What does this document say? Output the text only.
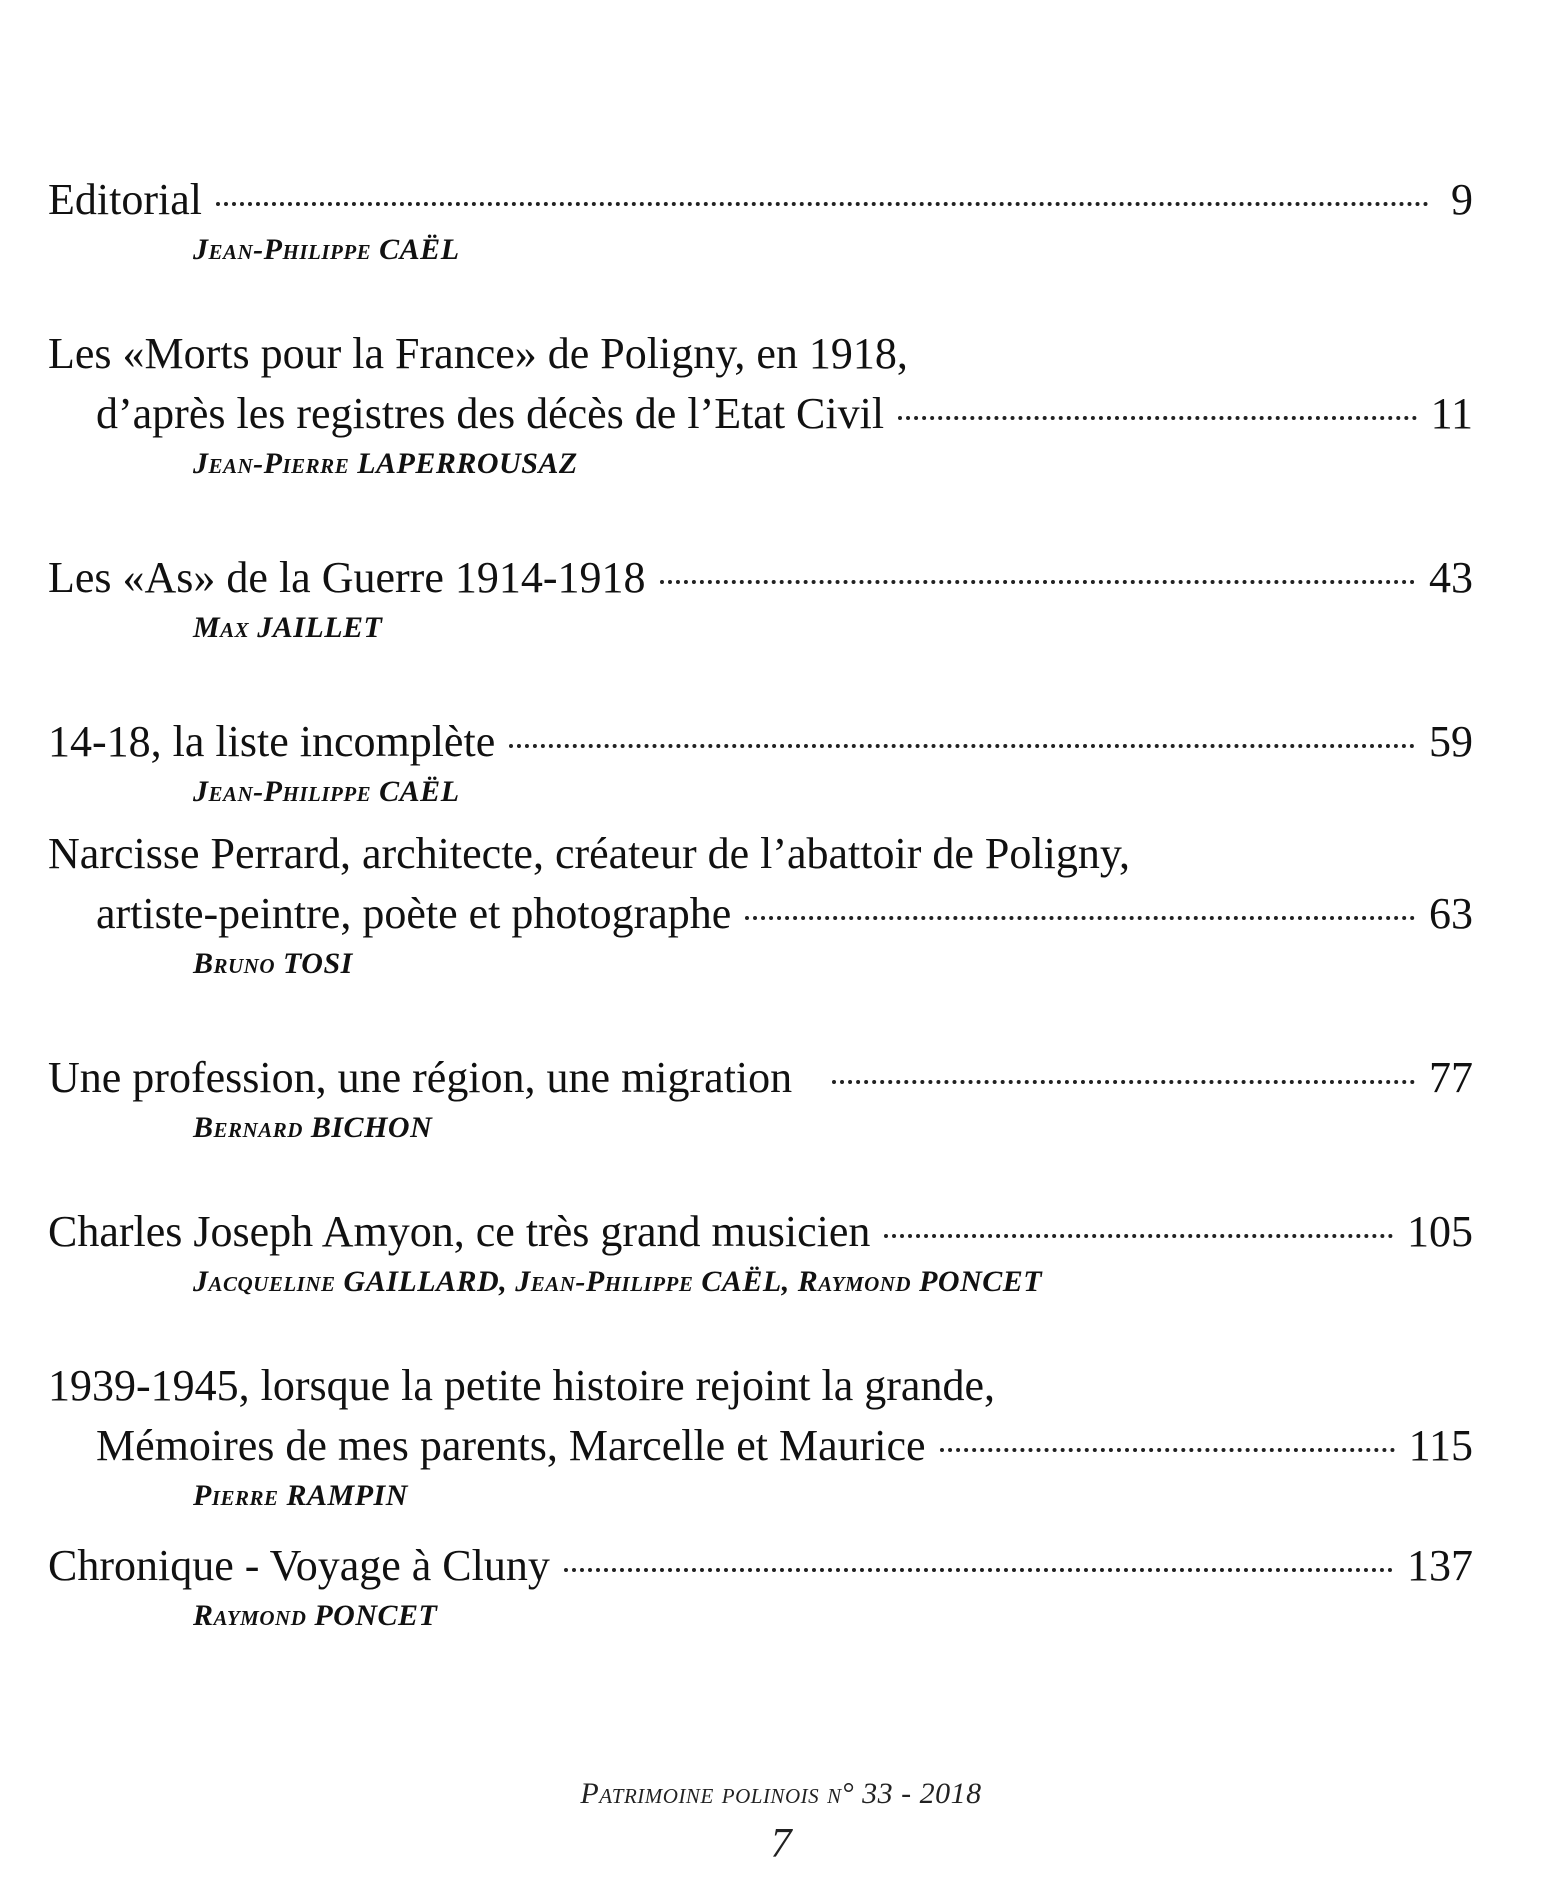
Editorial	9
Jean-Philippe CAËL
Les «Morts pour la France» de Poligny, en 1918,
d’après les registres des décès de l’Etat Civil	11
Jean-Pierre LAPERROUSAZ
Les «As» de la Guerre 1914-1918	43
Max JAILLET
14-18, la liste incomplète	59
Jean-Philippe CAËL
Narcisse Perrard, architecte, créateur de l’abattoir de Poligny,
artiste-peintre, poète et photographe	63
Bruno TOSI
Une profession, une région, une migration	77
Bernard BICHON
Charles Joseph Amyon, ce très grand musicien	105
Jacqueline GAILLARD, Jean-Philippe CAËL, Raymond PONCET
1939-1945, lorsque la petite histoire rejoint la grande,
Mémoires de mes parents, Marcelle et Maurice	115
Pierre RAMPIN
Chronique - Voyage à Cluny	137
Raymond PONCET
Patrimoine polinois n° 33 - 2018
7
